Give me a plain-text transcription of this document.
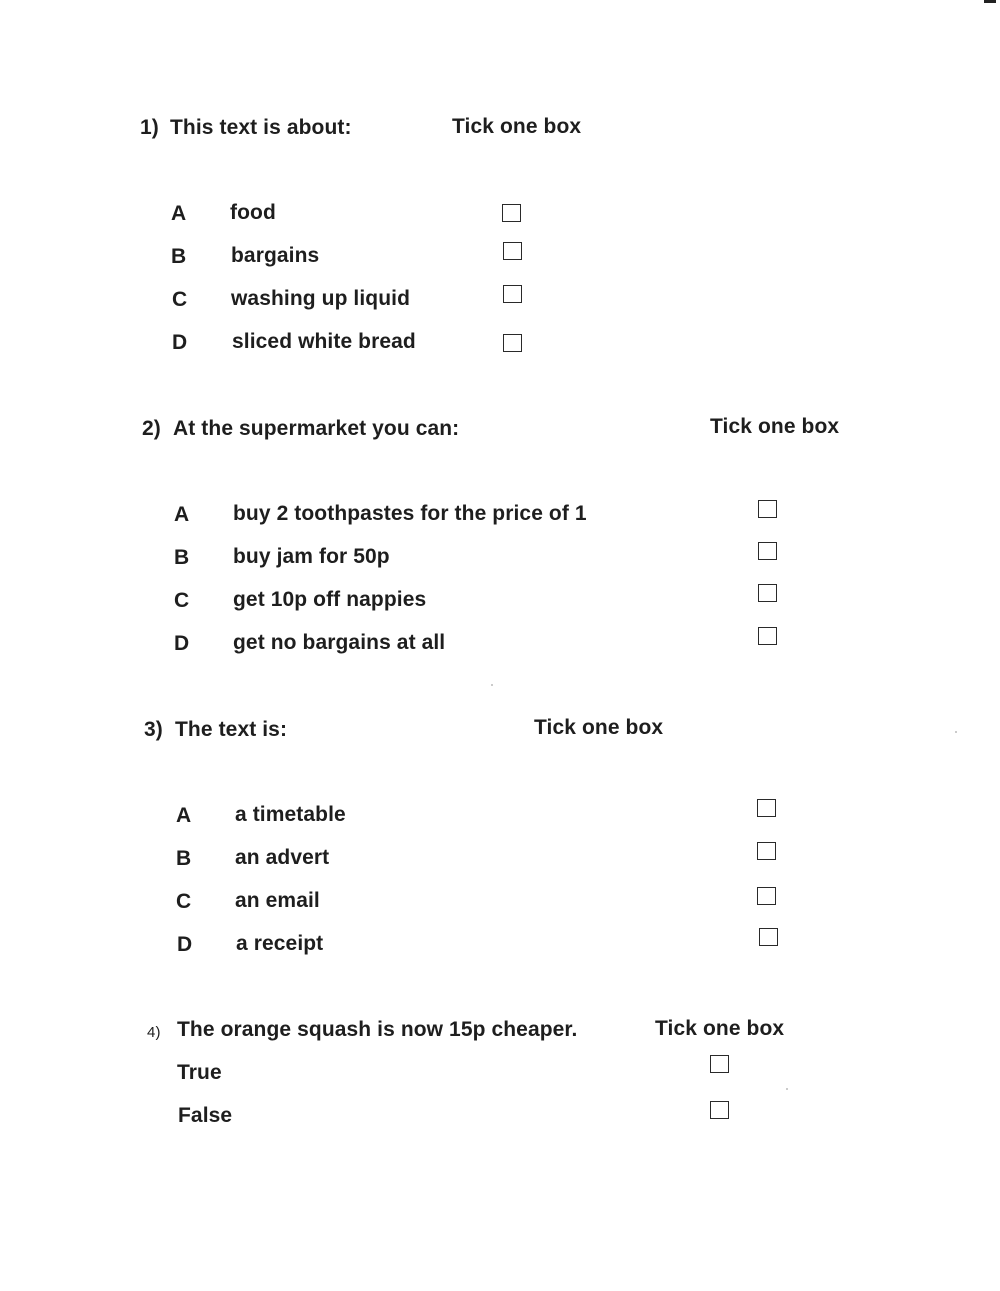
1) This text is about:	Tick one box
A food
B bargains
C washing up liquid
D sliced white bread
2) At the supermarket you can:	Tick one box
A buy 2 toothpastes for the price of 1
B buy jam for 50p
C get 10p off nappies
D get no bargains at all
3) The text is:	Tick one box
A a timetable
B an advert
C an email
D a receipt
4) The orange squash is now 15p cheaper.	Tick one box
True
False
